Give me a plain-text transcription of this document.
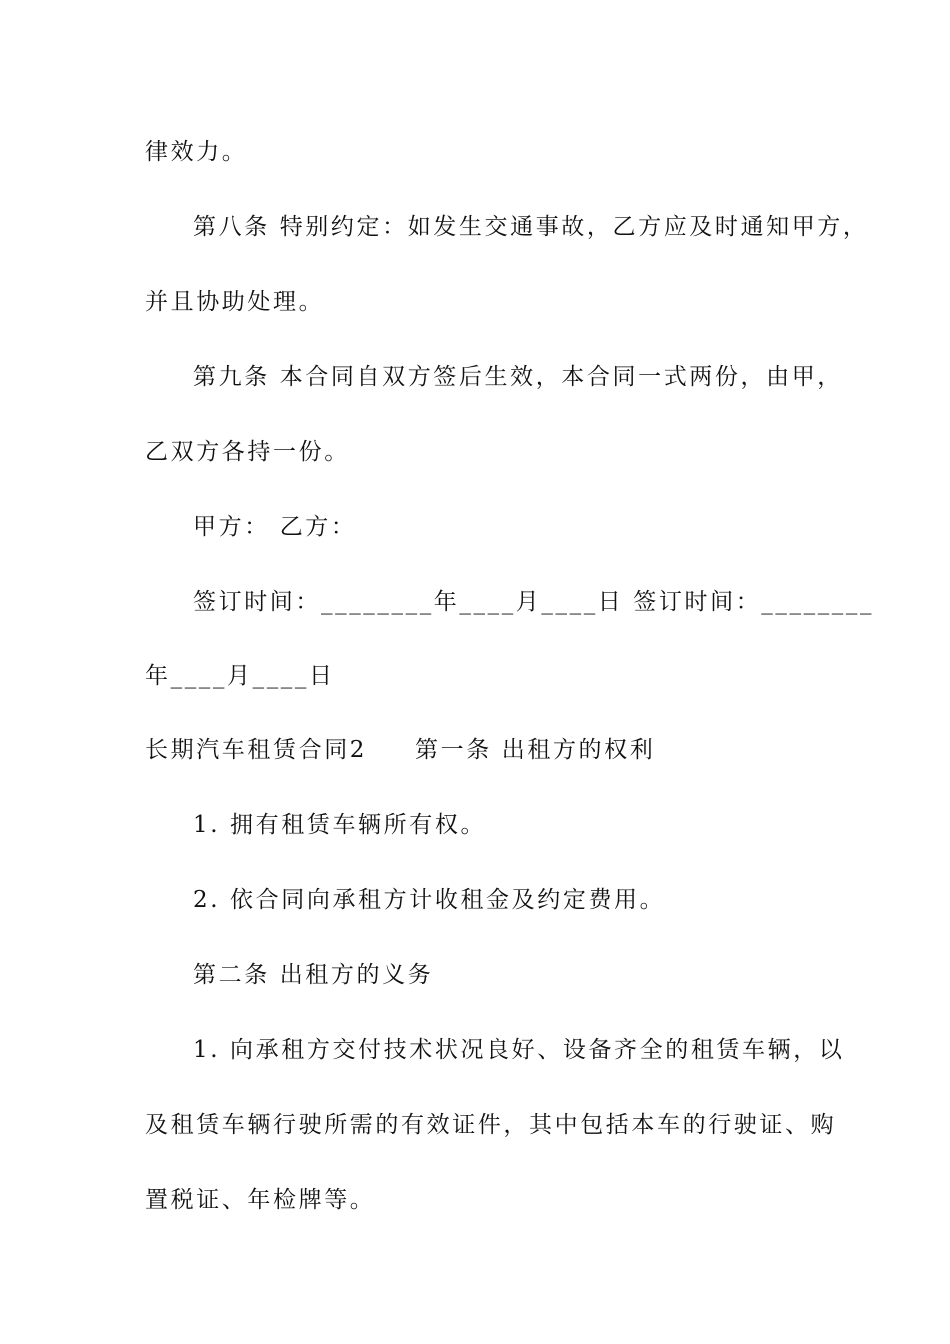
律效力。
第八条 特别约定：如发生交通事故，乙方应及时通知甲方，
并且协助处理。
第九条 本合同自双方签后生效，本合同一式两份，由甲，
乙双方各持一份。
甲方： 乙方：
签订时间：________年____月____日 签订时间：________
年____月____日
长期汽车租赁合同2 第一条 出租方的权利
1. 拥有租赁车辆所有权。
2. 依合同向承租方计收租金及约定费用。
第二条 出租方的义务
1. 向承租方交付技术状况良好、设备齐全的租赁车辆，以
及租赁车辆行驶所需的有效证件，其中包括本车的行驶证、购
置税证、年检牌等。
